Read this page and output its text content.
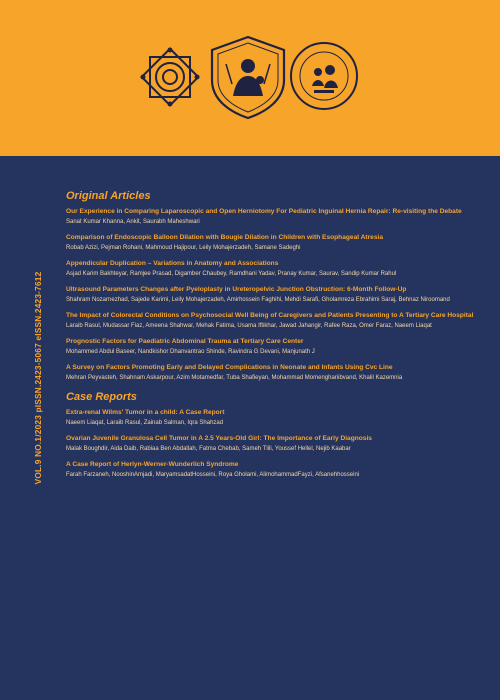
VOL.9 NO.1/2023 pISSN.2423-5067 eISSN.2423-7612
Original Articles
Our Experience in Comparing Laparoscopic and Open Herniotomy For Pediatric Inguinal Hernia Repair: Re-visiting the Debate
Sanat Kumar Khanna, Ankit, Saurabh Maheshwari
Comparison of Endoscopic Balloon Dilation with Bougie Dilation in Children with Esophageal Atresia
Robab Azizi, Pejman Rohani, Mahmoud Hajipour, Leily Mohajerzadeh, Samane Sadeghi
Appendicular Duplication – Variations in Anatomy and Associations
Asjad Karim Bakhteyar, Ramjee Prasad, Digamber Chaubey, Ramdhani Yadav, Pranay Kumar, Saurav, Sandip Kumar Rahul
Ultrasound Parameters Changes after Pyeloplasty in Ureteropelvic Junction Obstruction: 6-Month Follow-Up
Shahram Nozarnezhad, Sajede Karimi, Leily Mohajerzadeh, Amirhossein Faghihi, Mehdi Sarafi, Gholamreza Ebrahimi Saraj, Behnaz Niroomand
The Impact of Colorectal Conditions on Psychosocial Well Being of Caregivers and Patients Presenting to A Tertiary Care Hospital
Laraib Rasul, Mudassar Fiaz, Ameena Shahwar, Mehak Fatima, Usama Iftikhar, Jawad Jahangir, Rafee Raza, Omer Faraz, Naeem Liaqat
Prognostic Factors for Paediatric Abdominal Trauma at Tertiary Care Center
Mohammed Abdul Baseer, Nandkishor Dhanvantrao Shinde, Ravindra G Devani, Manjunath J
A Survey on Factors Promoting Early and Delayed Complications in Neonate and Infants Using Cvc Line
Mehran Peyvasteh, Shahnam Askarpour, Azim Motamedfar, Tuba Shafieyan, Mohammad Momenghariibvand, Khalil Kazemnia
Case Reports
Extra-renal Wilms' Tumor in a child: A Case Report
Naeem Liaqat, Laraib Rasul, Zainab Salman, Iqra Shahzad
Ovarian Juvenile Granulosa Cell Tumor in A 2.5 Years-Old Girl: The Importance of Early Diagnosis
Malak Boughdir, Aida Daib, Rabiaa Ben Abdallah, Fatma Chebab, Sameh Tlili, Youssef Hellel, Nejib Kaabar
A Case Report of Herlyn-Werner-Wunderlich Syndrome
Farah Farzaneh, NooshinAmjadi, MaryamsadatHosseini, Roya Gholami, AlimohammadFayzi, Afsanehhosseini
